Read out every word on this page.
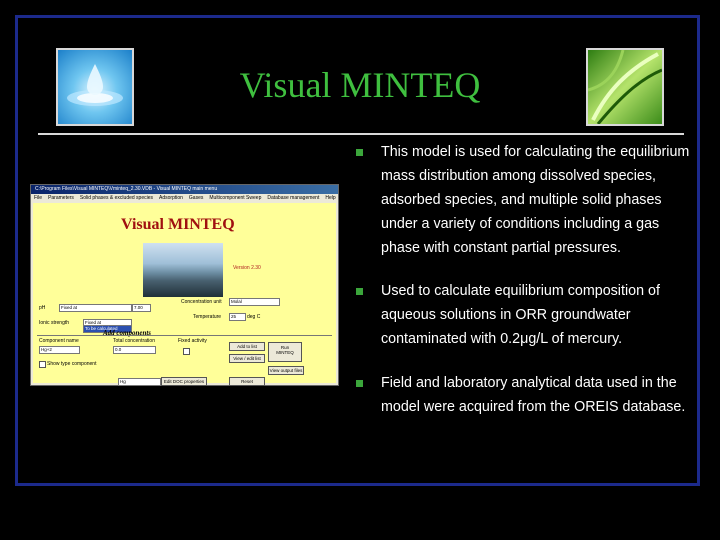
Visual MINTEQ
C:\Program Files\Visual MINTEQ\Vminteq_2.30.VDB - Visual MINTEQ main menu
File Parameters Solid phases & excluded species Adsorption Gases Multicomponent Sweep Database management Help
Visual MINTEQ
Version 2.30
pH	Fixed at	7.00
Ionic strength	Fixed at
To be calculated
Concentration unit	Molal
Temperature	25	deg C
Add components
Component name
Hg+2
Total concentration
0.0
Fixed activity
Add to list
View / edit list
Run
MINTEQ
View output files
Show type component
Hg	Edit DOC properties	Reset
This model is used for calculating the equilibrium mass distribution among dissolved species, adsorbed species, and multiple solid phases under a variety of conditions including a gas phase with constant partial pressures.
Used to calculate equilibrium composition of aqueous solutions in ORR groundwater contaminated with 0.2μg/L of mercury.
Field and laboratory analytical data used in the model were acquired from the OREIS database.
